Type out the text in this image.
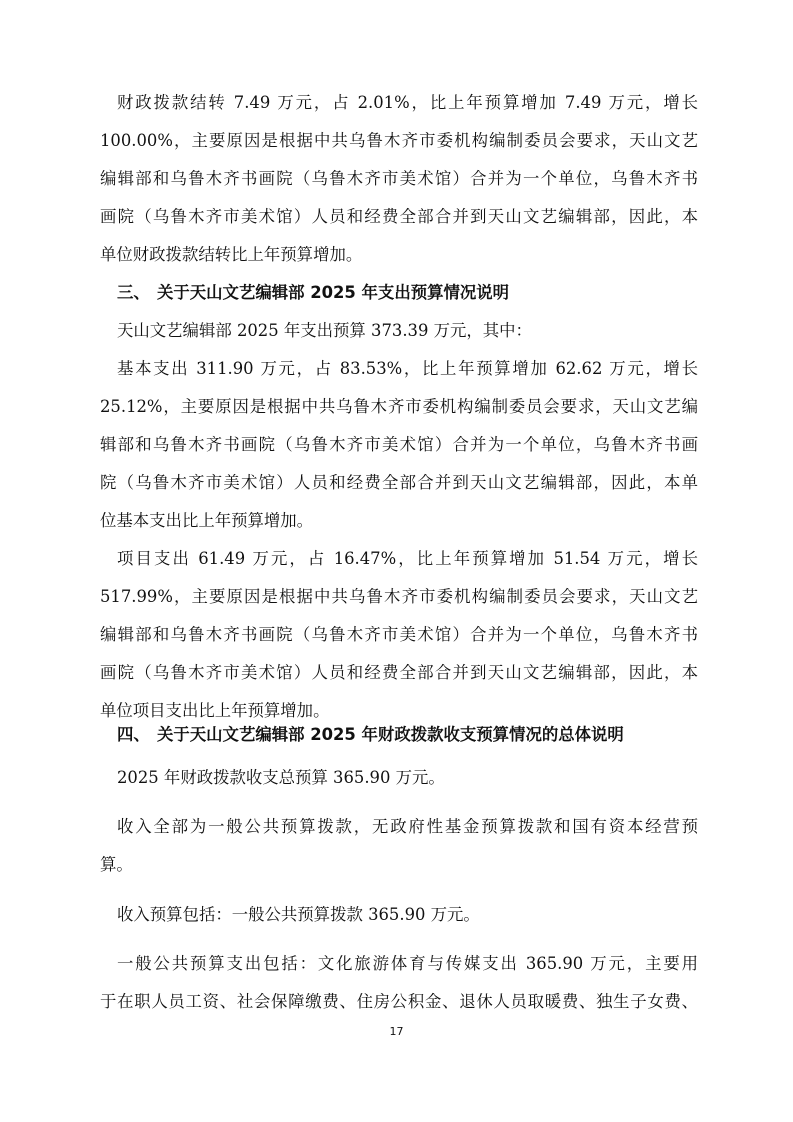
财政拨款结转 7.49 万元，占 2.01%，比上年预算增加 7.49 万元，增长
100.00%，主要原因是根据中共乌鲁木齐市委机构编制委员会要求，天山文艺
编辑部和乌鲁木齐书画院（乌鲁木齐市美术馆）合并为一个单位，乌鲁木齐书
画院（乌鲁木齐市美术馆）人员和经费全部合并到天山文艺编辑部，因此，本
单位财政拨款结转比上年预算增加。
三、 关于天山文艺编辑部 2025 年支出预算情况说明
天山文艺编辑部 2025 年支出预算 373.39 万元，其中：
基本支出 311.90 万元，占 83.53%，比上年预算增加 62.62 万元，增长
25.12%，主要原因是根据中共乌鲁木齐市委机构编制委员会要求，天山文艺编
辑部和乌鲁木齐书画院（乌鲁木齐市美术馆）合并为一个单位，乌鲁木齐书画
院（乌鲁木齐市美术馆）人员和经费全部合并到天山文艺编辑部，因此，本单
位基本支出比上年预算增加。
项目支出 61.49 万元，占 16.47%，比上年预算增加 51.54 万元，增长
517.99%，主要原因是根据中共乌鲁木齐市委机构编制委员会要求，天山文艺
编辑部和乌鲁木齐书画院（乌鲁木齐市美术馆）合并为一个单位，乌鲁木齐书
画院（乌鲁木齐市美术馆）人员和经费全部合并到天山文艺编辑部，因此，本
单位项目支出比上年预算增加。
四、 关于天山文艺编辑部 2025 年财政拨款收支预算情况的总体说明
2025 年财政拨款收支总预算 365.90 万元。
收入全部为一般公共预算拨款，无政府性基金预算拨款和国有资本经营预
算。
收入预算包括：一般公共预算拨款 365.90 万元。
一般公共预算支出包括：文化旅游体育与传媒支出 365.90 万元，主要用
于在职人员工资、社会保障缴费、住房公积金、退休人员取暖费、独生子女费、
17
